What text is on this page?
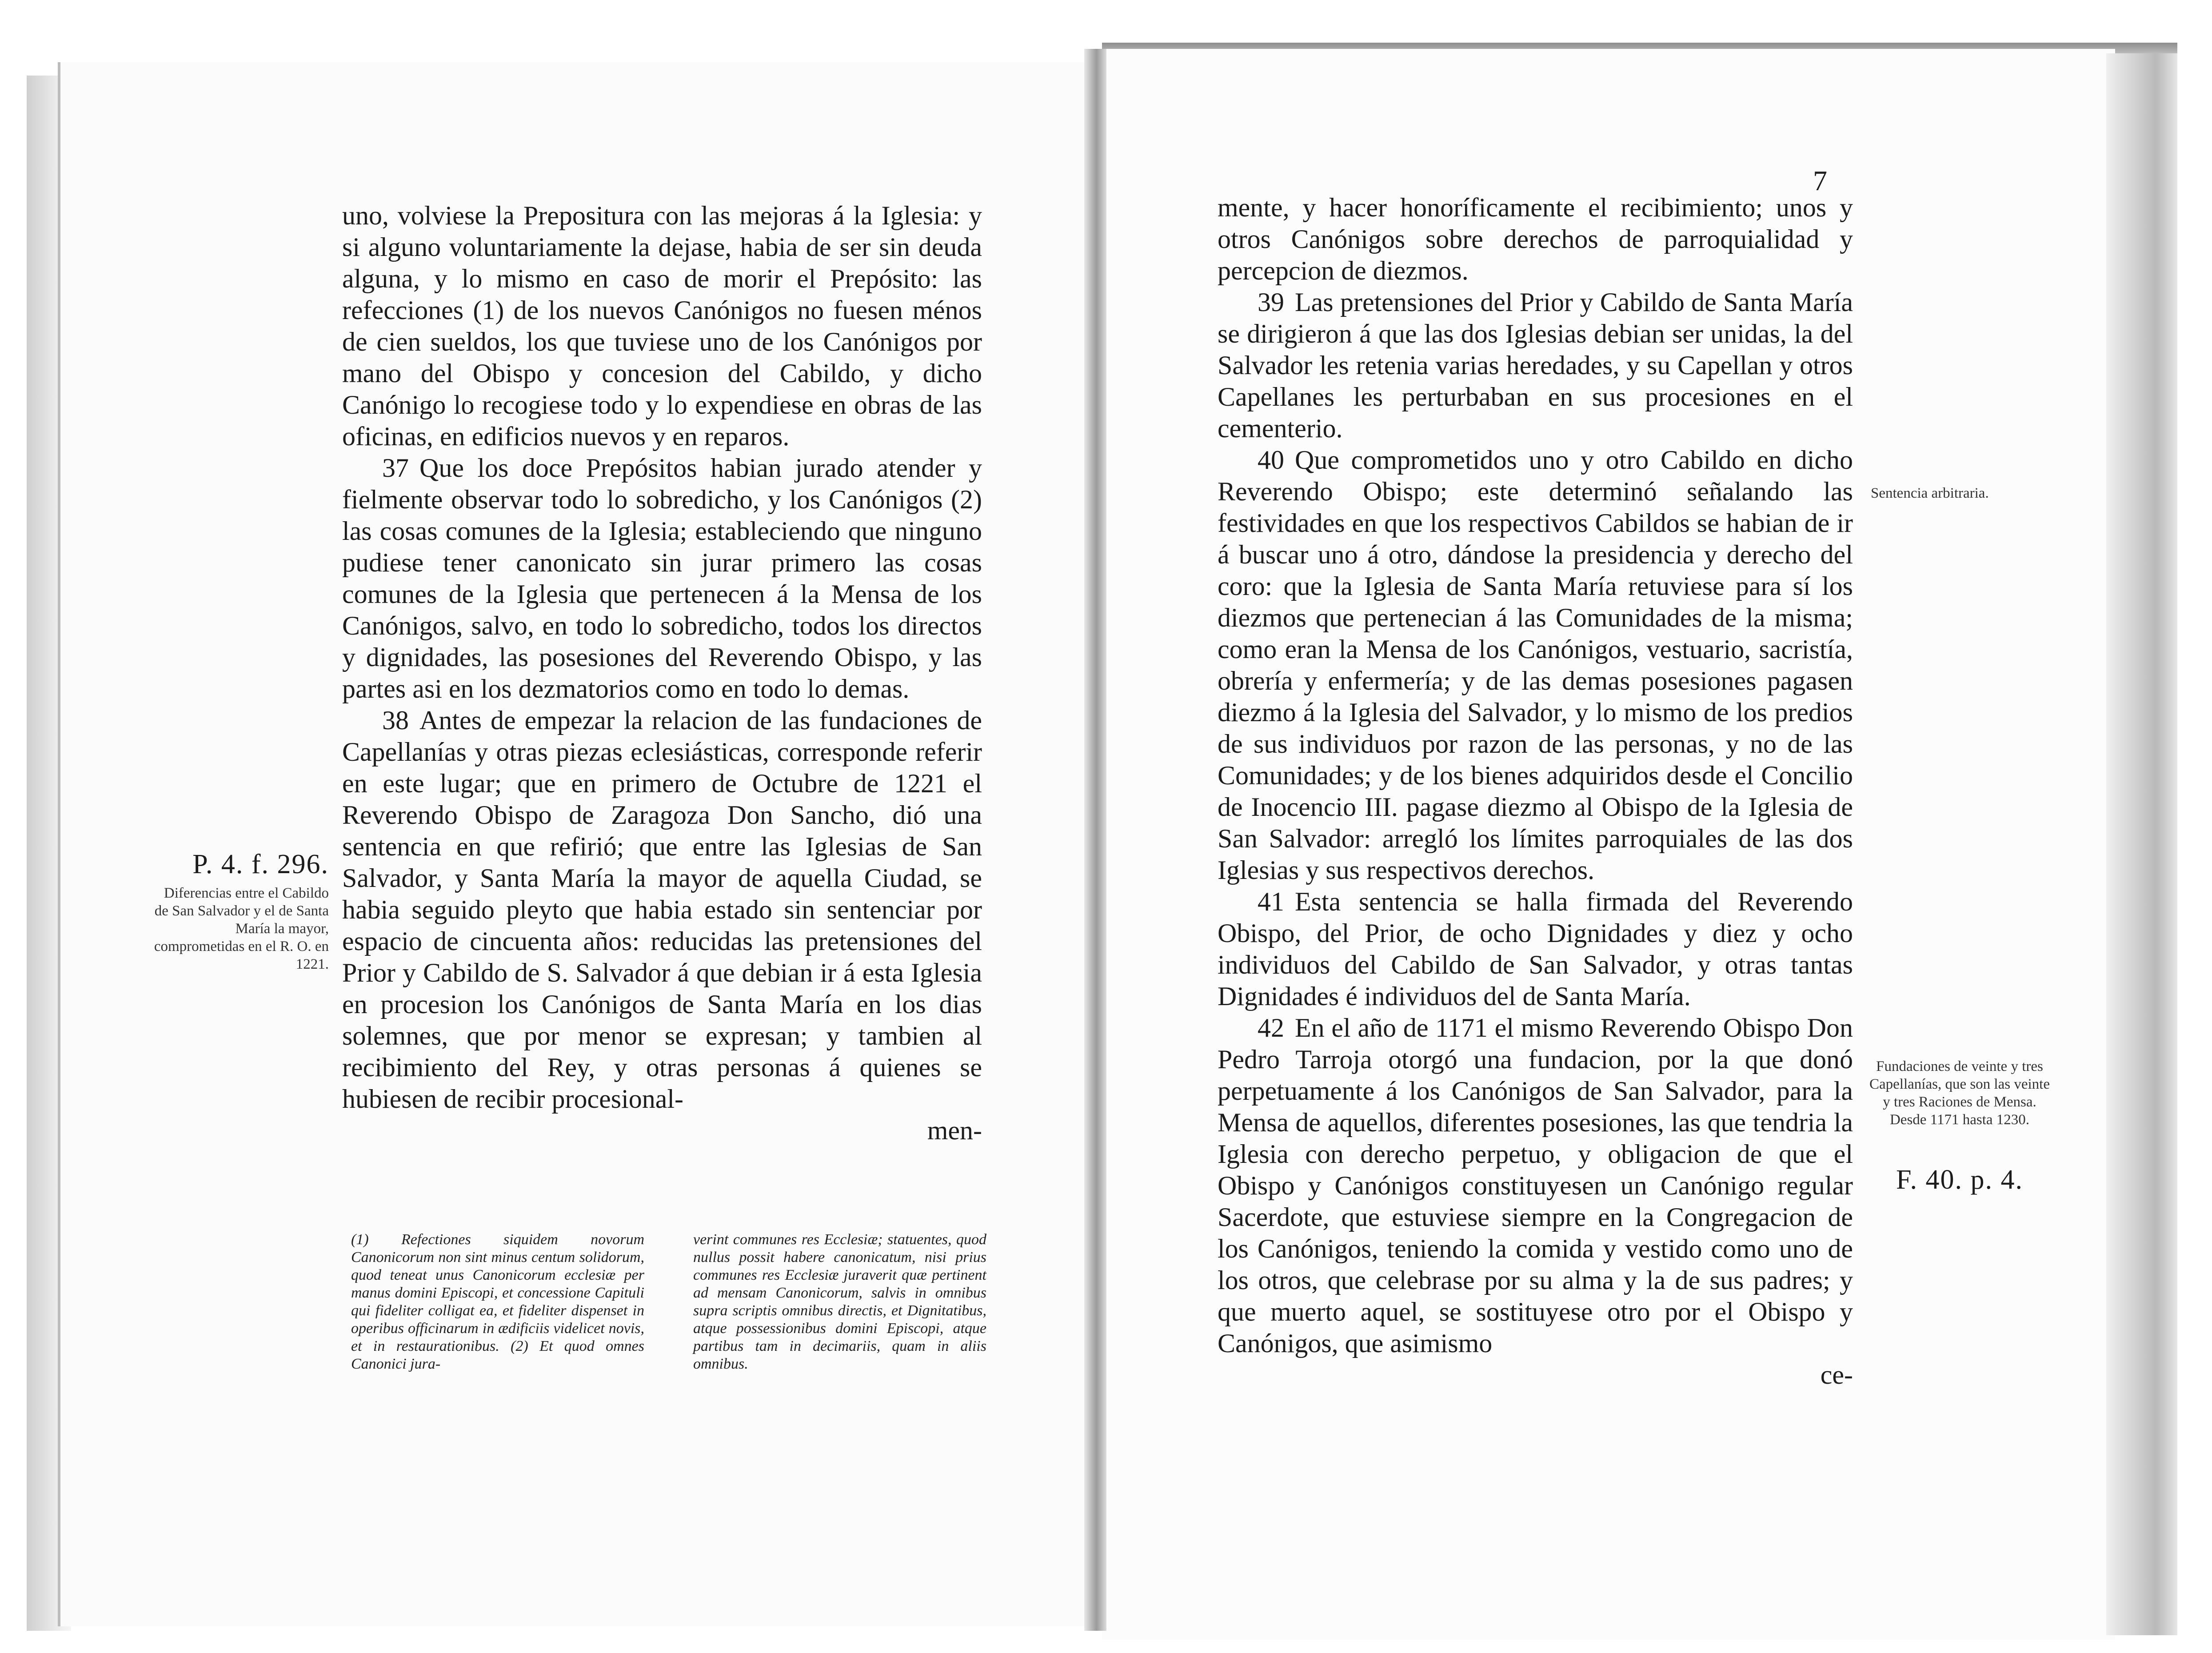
uno, volviese la Prepositura con las mejoras á la Iglesia: y si alguno voluntariamente la dejase, habia de ser sin deuda alguna, y lo mismo en caso de morir el Prepósito: las refecciones (1) de los nuevos Canónigos no fuesen ménos de cien sueldos, los que tuviese uno de los Canónigos por mano del Obispo y concesion del Cabildo, y dicho Canónigo lo recogiese todo y lo expendiese en obras de las oficinas, en edificios nuevos y en reparos.

37 Que los doce Prepósitos habian jurado atender y fielmente observar todo lo sobredicho, y los Canónigos (2) las cosas comunes de la Iglesia; estableciendo que ninguno pudiese tener canonicato sin jurar primero las cosas comunes de la Iglesia que pertenecen á la Mensa de los Canónigos, salvo, en todo lo sobredicho, todos los directos y dignidades, las posesiones del Reverendo Obispo, y las partes asi en los dezmatorios como en todo lo demas.

38 Antes de empezar la relacion de las fundaciones de Capellanías y otras piezas eclesiásticas, corresponde referir en este lugar; que en primero de Octubre de 1221 el Reverendo Obispo de Zaragoza Don Sancho, dió una sentencia en que refirió; que entre las Iglesias de San Salvador, y Santa María la mayor de aquella Ciudad, se habia seguido pleyto que habia estado sin sentenciar por espacio de cincuenta años: reducidas las pretensiones del Prior y Cabildo de S. Salvador á que debian ir á esta Iglesia en procesion los Canónigos de Santa María en los dias solemnes, que por menor se expresan; y tambien al recibimiento del Rey, y otras personas á quienes se hubiesen de recibir procesional-

men-
P. 4. f. 296.
Diferencias entre el Cabildo de San Salvador y el de Santa María la mayor, comprometidas en el R. O. en 1221.
(1) Refectiones siquidem novorum Canonicorum non sint minus centum solidorum, quod teneat unus Canonicorum ecclesiæ per manus domini Episcopi, et concessione Capituli qui fideliter colligat ea, et fideliter dispenset in operibus officinarum in ædificiis videlicet novis, et in restaurationibus. (2) Et quod omnes Canonici jura-
verint communes res Ecclesiæ; statuentes, quod nullus possit habere canonicatum, nisi prius communes res Ecclesiæ juraverit quæ pertinent ad mensam Canonicorum, salvis in omnibus supra scriptis omnibus directis, et Dignitatibus, atque possessionibus domini Episcopi, atque partibus tam in decimariis, quam in aliis omnibus.
7

mente, y hacer honoríficamente el recibimiento; unos y otros Canónigos sobre derechos de parroquialidad y percepcion de diezmos.

39 Las pretensiones del Prior y Cabildo de Santa María se dirigieron á que las dos Iglesias debian ser unidas, la del Salvador les retenia varias heredades, y su Capellan y otros Capellanes les perturbaban en sus procesiones en el cementerio.

40 Que comprometidos uno y otro Cabildo en dicho Reverendo Obispo; este determinó señalando las festividades en que los respectivos Cabildos se habian de ir á buscar uno á otro, dándose la presidencia y derecho del coro: que la Iglesia de Santa María retuviese para sí los diezmos que pertenecian á las Comunidades de la misma; como eran la Mensa de los Canónigos, vestuario, sacristía, obrería y enfermería; y de las demas posesiones pagasen diezmo á la Iglesia del Salvador, y lo mismo de los predios de sus individuos por razon de las personas, y no de las Comunidades; y de los bienes adquiridos desde el Concilio de Inocencio III. pagase diezmo al Obispo de la Iglesia de San Salvador: arregló los límites parroquiales de las dos Iglesias y sus respectivos derechos.

41 Esta sentencia se halla firmada del Reverendo Obispo, del Prior, de ocho Dignidades y diez y ocho individuos del Cabildo de San Salvador, y otras tantas Dignidades é individuos del de Santa María.

42 En el año de 1171 el mismo Reverendo Obispo Don Pedro Tarroja otorgó una fundacion, por la que donó perpetuamente á los Canónigos de San Salvador, para la Mensa de aquellos, diferentes posesiones, las que tendria la Iglesia con derecho perpetuo, y obligacion de que el Obispo y Canónigos constituyesen un Canónigo regular Sacerdote, que estuviese siempre en la Congregacion de los Canónigos, teniendo la comida y vestido como uno de los otros, que celebrase por su alma y la de sus padres; y que muerto aquel, se sostituyese otro por el Obispo y Canónigos, que asimismo

ce-
Sentencia arbitraria.
Fundaciones de veinte y tres Capellanías, que son las veinte y tres Raciones de Mensa. Desde 1171 hasta 1230.
F. 40. p. 4.
